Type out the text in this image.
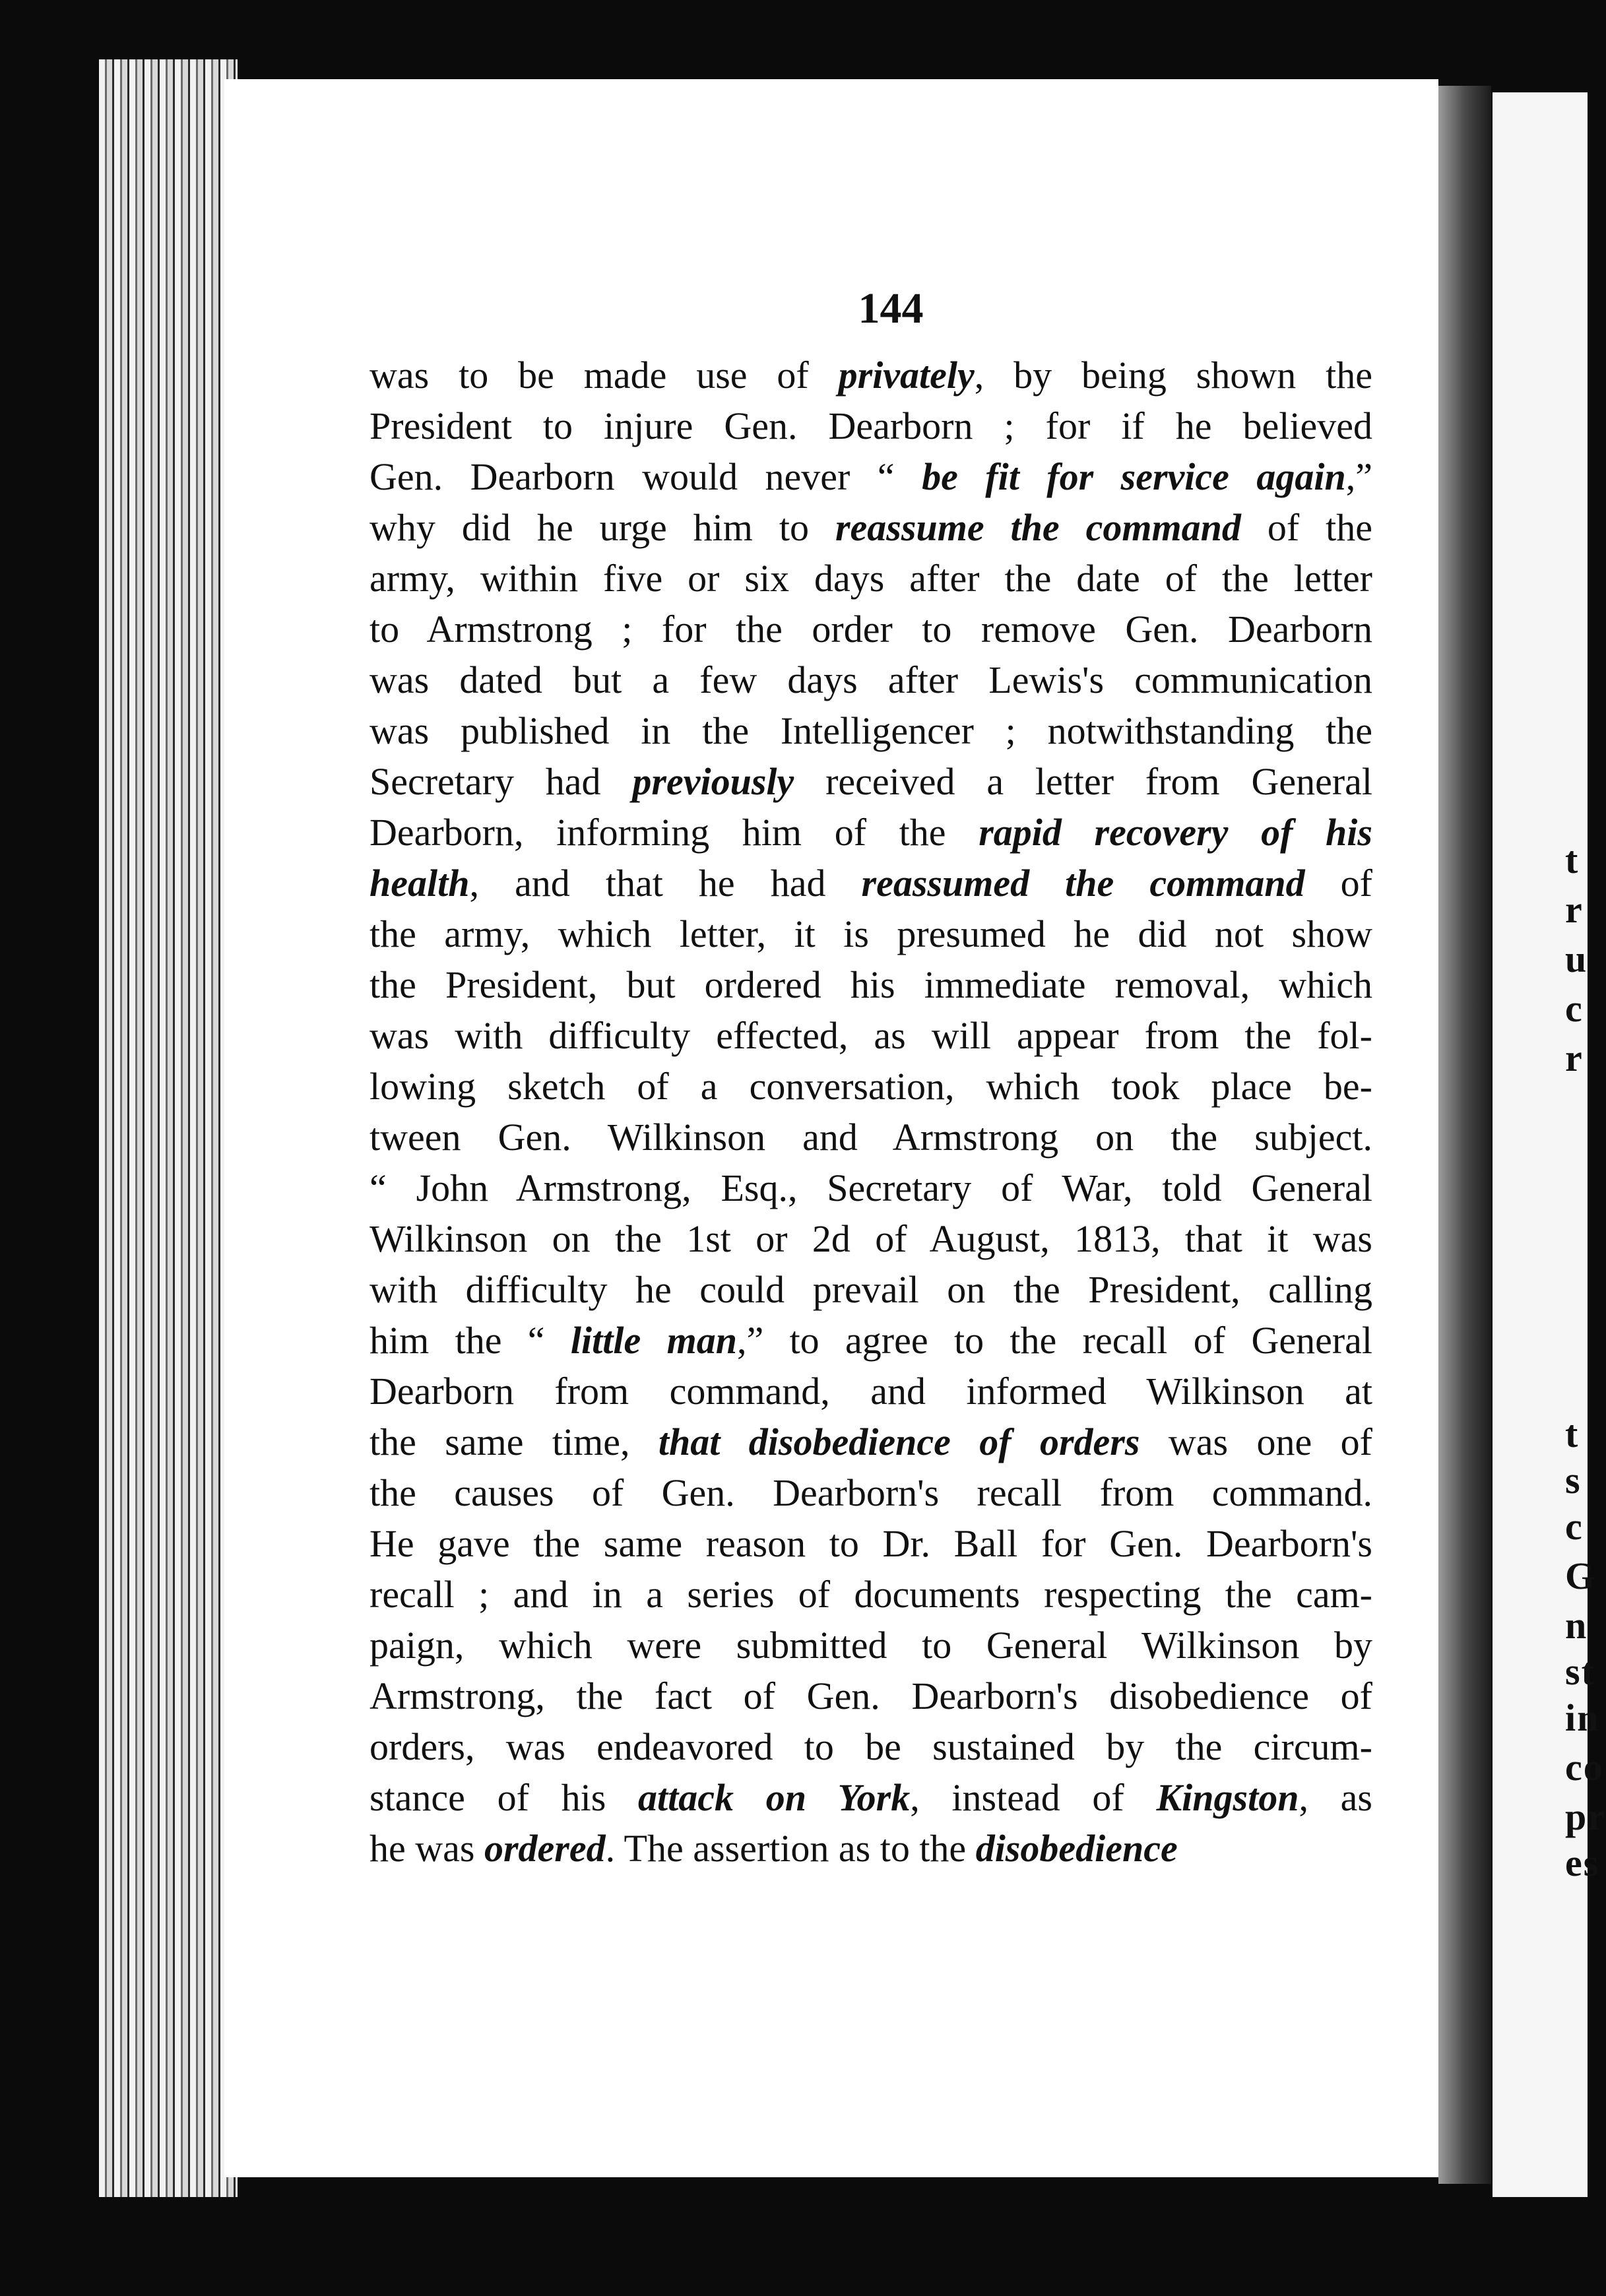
t
r
u
c
r
t
s
c
G
n
st
in
co
pr
es
144
was to be made use of privately, by being shown the
President to injure Gen. Dearborn ; for if he believed
Gen. Dearborn would never “ be fit for service again,”
why did he urge him to reassume the command of the
army, within five or six days after the date of the letter
to Armstrong ; for the order to remove Gen. Dearborn
was dated but a few days after Lewis's communication
was published in the Intelligencer ; notwithstanding the
Secretary had previously received a letter from General
Dearborn, informing him of the rapid recovery of his
health, and that he had reassumed the command of
the army, which letter, it is presumed he did not show
the President, but ordered his immediate removal, which
was with difficulty effected, as will appear from the fol-
lowing sketch of a conversation, which took place be-
tween Gen. Wilkinson and Armstrong on the subject.
“ John Armstrong, Esq., Secretary of War, told General
Wilkinson on the 1st or 2d of August, 1813, that it was
with difficulty he could prevail on the President, calling
him the “ little man,” to agree to the recall of General
Dearborn from command, and informed Wilkinson at
the same time, that disobedience of orders was one of
the causes of Gen. Dearborn's recall from command.
He gave the same reason to Dr. Ball for Gen. Dearborn's
recall ; and in a series of documents respecting the cam-
paign, which were submitted to General Wilkinson by
Armstrong, the fact of Gen. Dearborn's disobedience of
orders, was endeavored to be sustained by the circum-
stance of his attack on York, instead of Kingston, as
he was ordered. The assertion as to the disobedience
